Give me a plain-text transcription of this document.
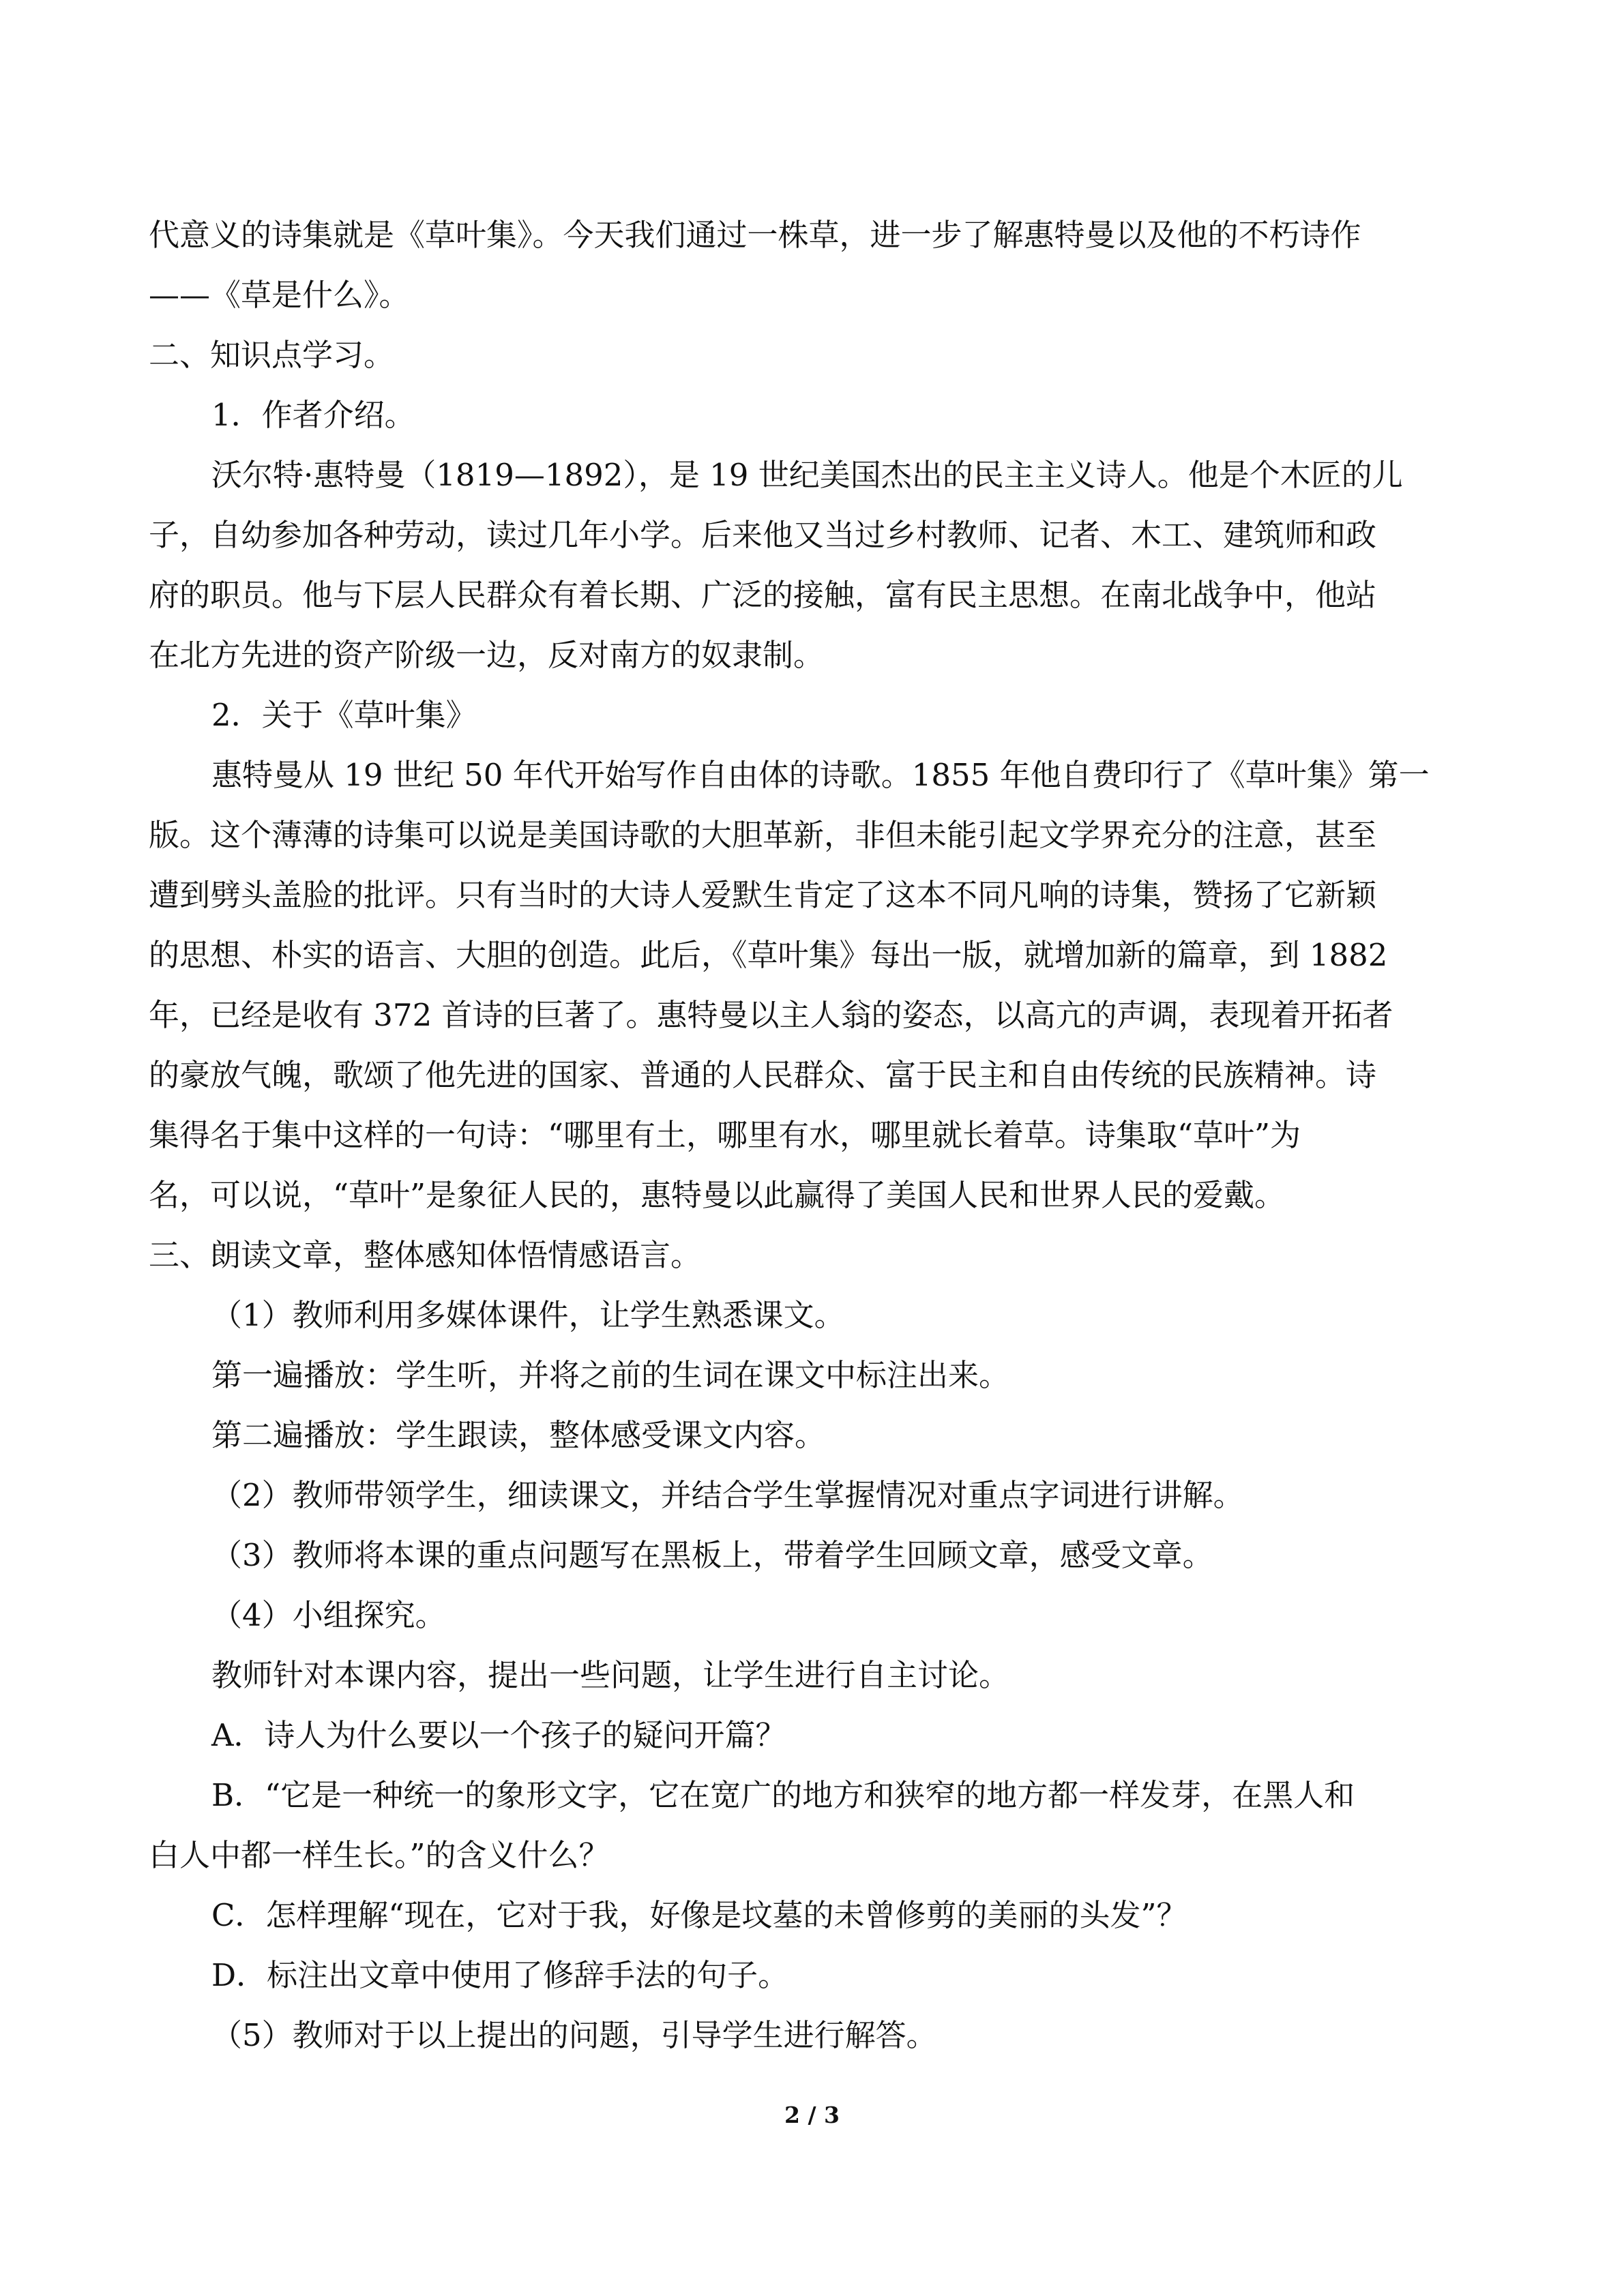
代意义的诗集就是《草叶集》。今天我们通过一株草，进一步了解惠特曼以及他的不朽诗作

——《草是什么》。

二、知识点学习。

1．作者介绍。

沃尔特·惠特曼（1819—1892），是 19 世纪美国杰出的民主主义诗人。他是个木匠的儿

子，自幼参加各种劳动，读过几年小学。后来他又当过乡村教师、记者、木工、建筑师和政

府的职员。他与下层人民群众有着长期、广泛的接触，富有民主思想。在南北战争中，他站

在北方先进的资产阶级一边，反对南方的奴隶制。

2．关于《草叶集》

惠特曼从 19 世纪 50 年代开始写作自由体的诗歌。1855 年他自费印行了《草叶集》第一

版。这个薄薄的诗集可以说是美国诗歌的大胆革新，非但未能引起文学界充分的注意，甚至

遭到劈头盖脸的批评。只有当时的大诗人爱默生肯定了这本不同凡响的诗集，赞扬了它新颖

的思想、朴实的语言、大胆的创造。此后，《草叶集》每出一版，就增加新的篇章，到 1882

年，已经是收有 372 首诗的巨著了。惠特曼以主人翁的姿态，以高亢的声调，表现着开拓者

的豪放气魄，歌颂了他先进的国家、普通的人民群众、富于民主和自由传统的民族精神。诗

集得名于集中这样的一句诗：“哪里有土，哪里有水，哪里就长着草。诗集取“草叶”为

名，可以说，“草叶”是象征人民的，惠特曼以此赢得了美国人民和世界人民的爱戴。

三、朗读文章，整体感知体悟情感语言。

（1）教师利用多媒体课件，让学生熟悉课文。

第一遍播放：学生听，并将之前的生词在课文中标注出来。

第二遍播放：学生跟读，整体感受课文内容。

（2）教师带领学生，细读课文，并结合学生掌握情况对重点字词进行讲解。

（3）教师将本课的重点问题写在黑板上，带着学生回顾文章，感受文章。

（4）小组探究。

教师针对本课内容，提出一些问题，让学生进行自主讨论。

A．诗人为什么要以一个孩子的疑问开篇？

B．“它是一种统一的象形文字，它在宽广的地方和狭窄的地方都一样发芽，在黑人和

白人中都一样生长。”的含义什么？

C．怎样理解“现在，它对于我，好像是坟墓的未曾修剪的美丽的头发”？

D．标注出文章中使用了修辞手法的句子。

（5）教师对于以上提出的问题，引导学生进行解答。

2 / 3
